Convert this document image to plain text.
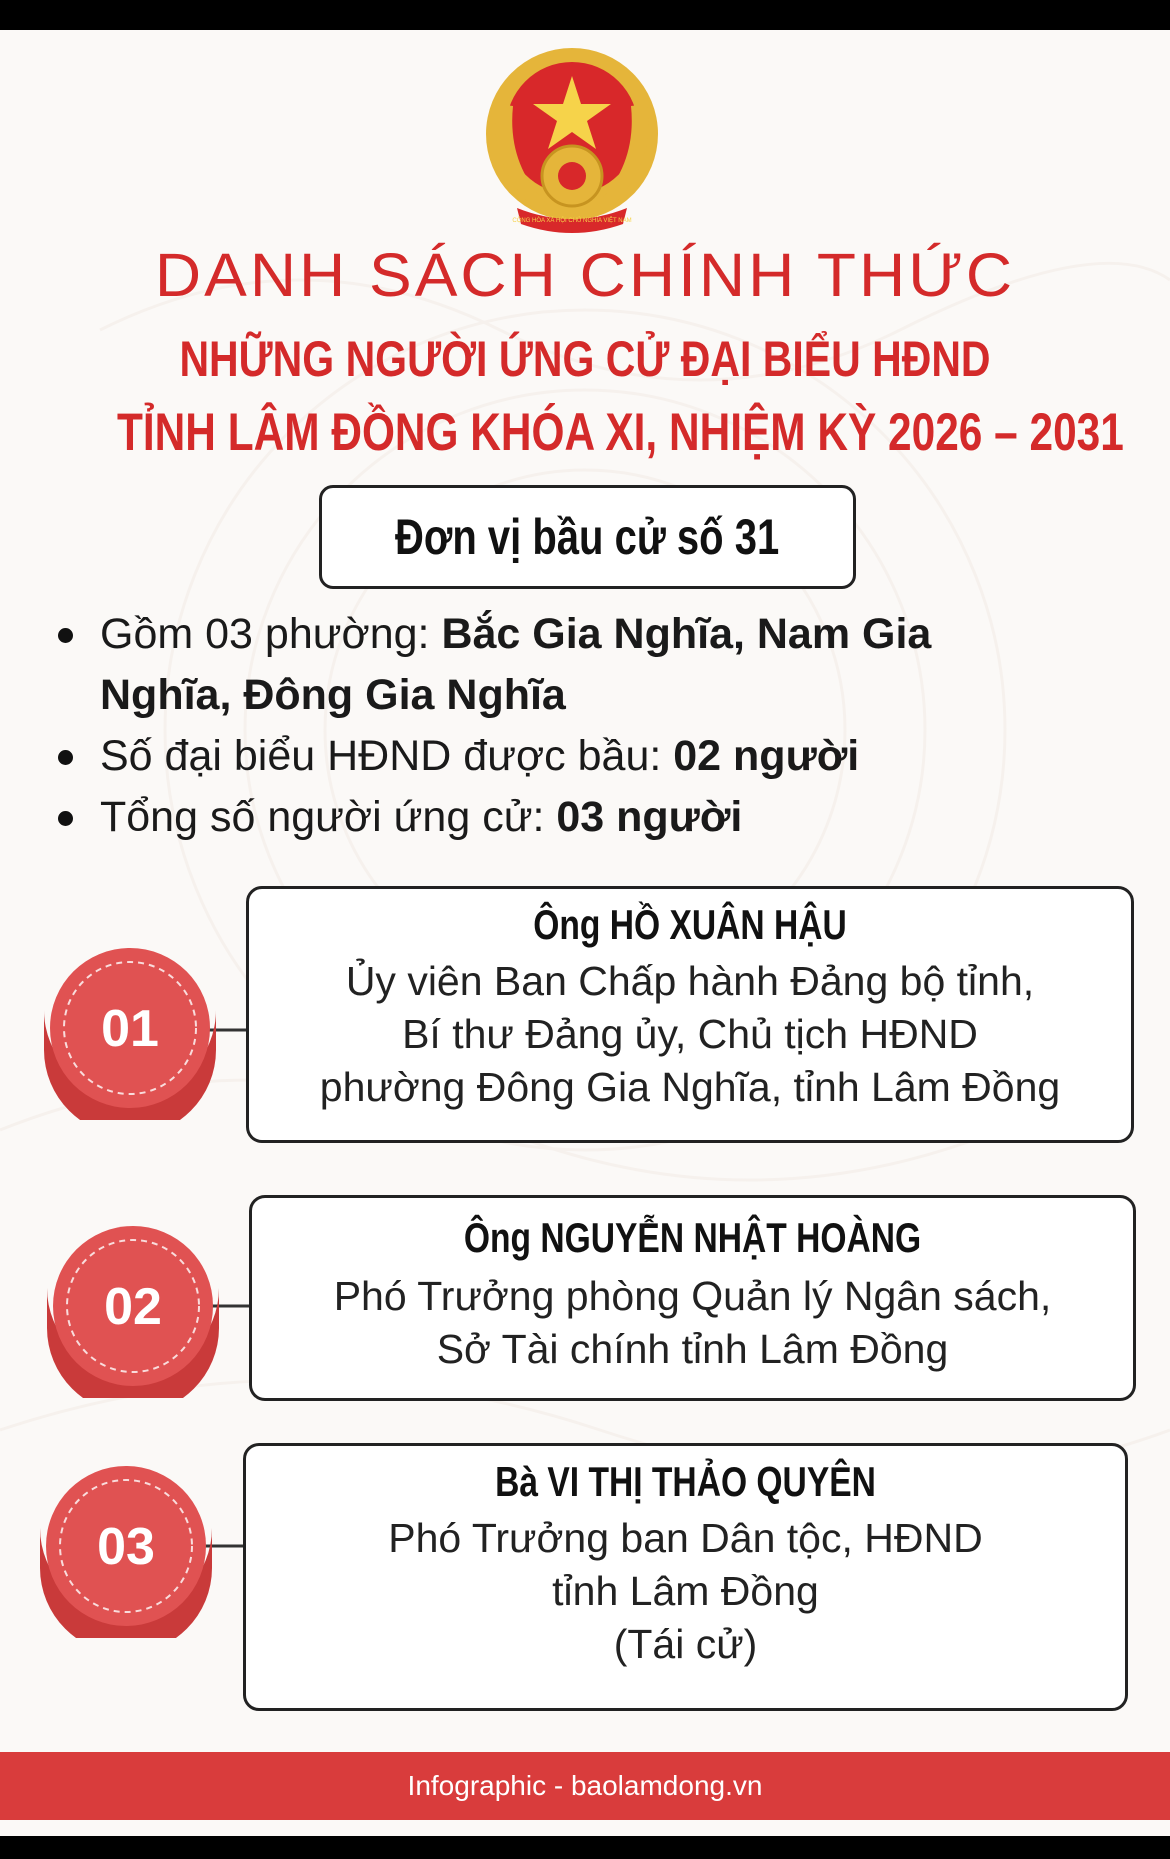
CỘNG HÒA XÃ HỘI CHỦ NGHĨA VIỆT NAM
DANH SÁCH CHÍNH THỨC
NHỮNG NGƯỜI ỨNG CỬ ĐẠI BIỂU HĐND
TỈNH LÂM ĐỒNG KHÓA XI, NHIỆM KỲ 2026 – 2031
Đơn vị bầu cử số 31
Gồm 03 phường: Bắc Gia Nghĩa, Nam Gia
Nghĩa, Đông Gia Nghĩa
Số đại biểu HĐND được bầu: 02 người
Tổng số người ứng cử: 03 người
01
Ông HỒ XUÂN HẬU
Ủy viên Ban Chấp hành Đảng bộ tỉnh,
Bí thư Đảng ủy, Chủ tịch HĐND
phường Đông Gia Nghĩa, tỉnh Lâm Đồng
02
Ông NGUYỄN NHẬT HOÀNG
Phó Trưởng phòng Quản lý Ngân sách,
Sở Tài chính tỉnh Lâm Đồng
03
Bà VI THỊ THẢO QUYÊN
Phó Trưởng ban Dân tộc, HĐND
tỉnh Lâm Đồng
(Tái cử)
Infographic - baolamdong.vn
